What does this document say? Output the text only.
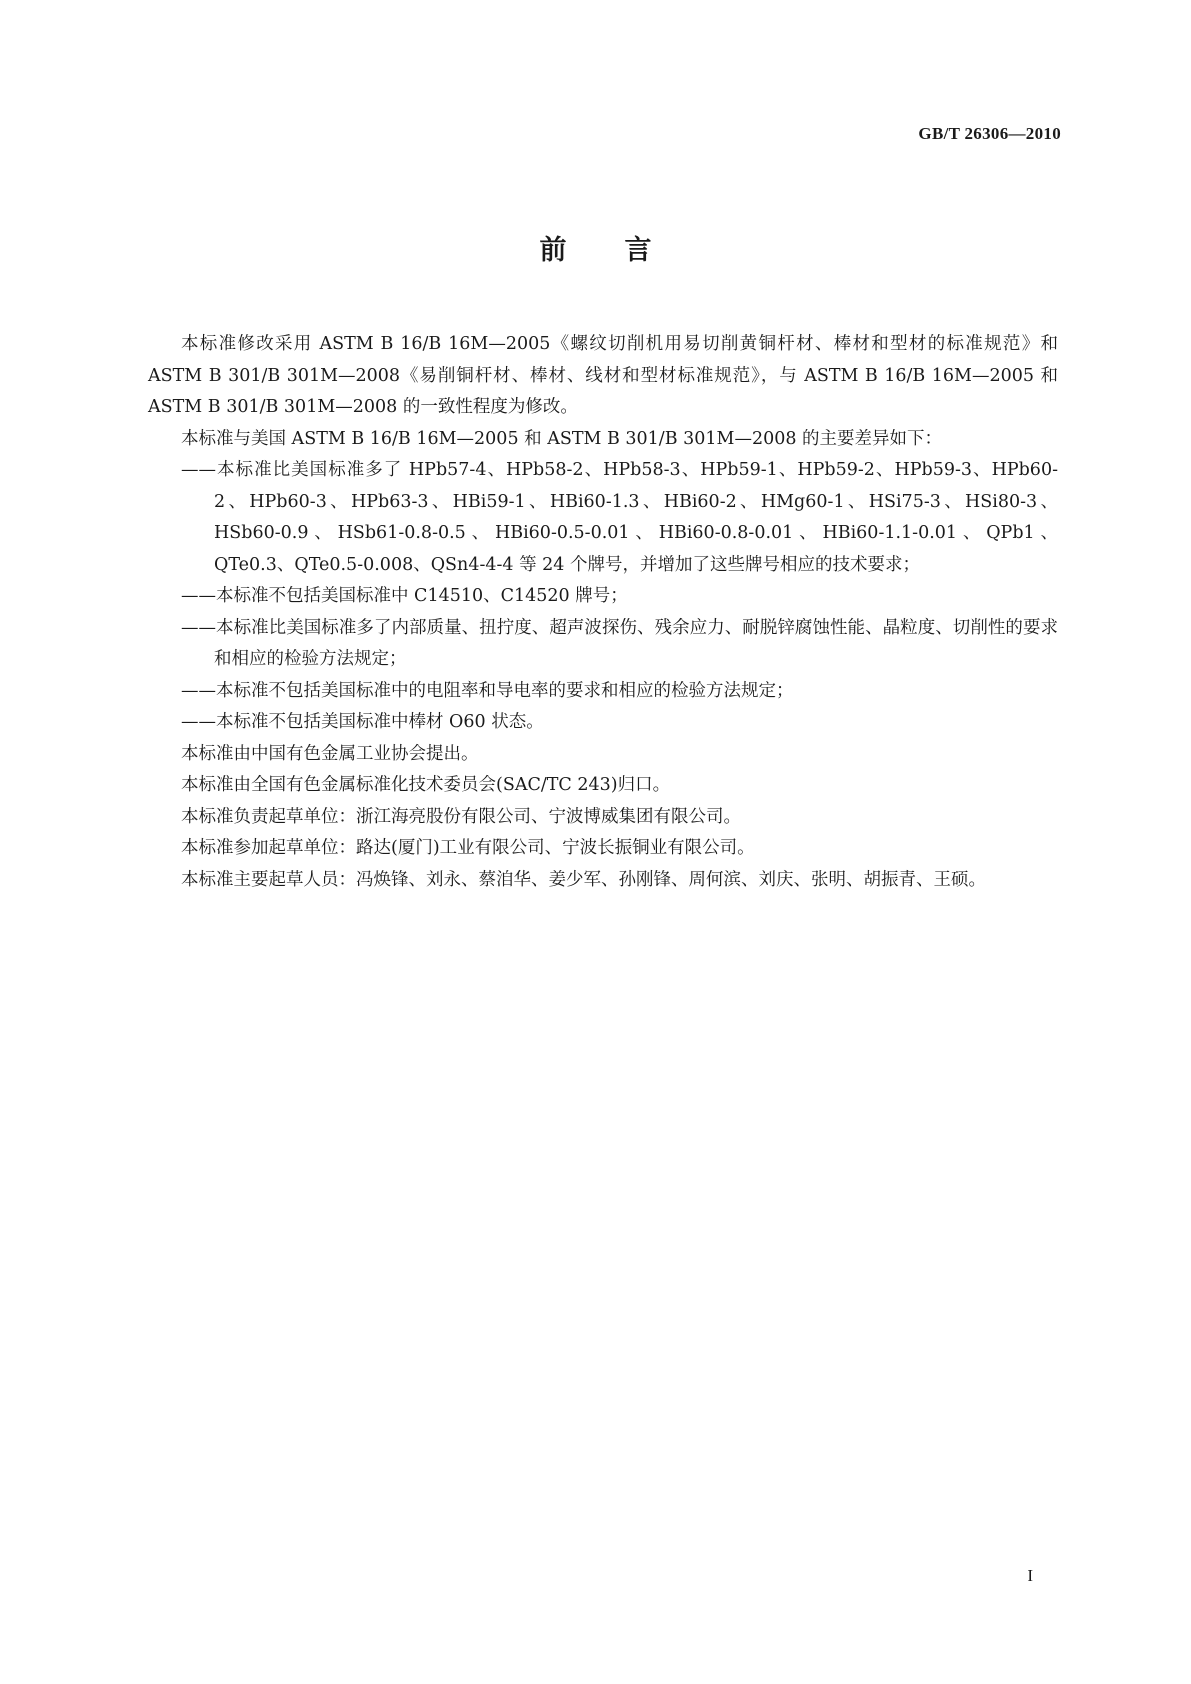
GB/T 26306—2010
前言

本标准修改采用 ASTM B 16/B 16M—2005《螺纹切削机用易切削黄铜杆材、棒材和型材的标准规范》和 ASTM B 301/B 301M—2008《易削铜杆材、棒材、线材和型材标准规范》，与 ASTM B 16/B 16M—2005 和 ASTM B 301/B 301M—2008 的一致性程度为修改。

本标准与美国 ASTM B 16/B 16M—2005 和 ASTM B 301/B 301M—2008 的主要差异如下：

——本标准比美国标准多了 HPb57-4、HPb58-2、HPb58-3、HPb59-1、HPb59-2、HPb59-3、HPb60-2、HPb60-3、HPb63-3、HBi59-1、HBi60-1.3、HBi60-2、HMg60-1、HSi75-3、HSi80-3、HSb60-0.9、HSb61-0.8-0.5、HBi60-0.5-0.01、HBi60-0.8-0.01、HBi60-1.1-0.01、QPb1、QTe0.3、QTe0.5-0.008、QSn4-4-4 等 24 个牌号，并增加了这些牌号相应的技术要求；

——本标准不包括美国标准中 C14510、C14520 牌号；

——本标准比美国标准多了内部质量、扭拧度、超声波探伤、残余应力、耐脱锌腐蚀性能、晶粒度、切削性的要求和相应的检验方法规定；

——本标准不包括美国标准中的电阻率和导电率的要求和相应的检验方法规定；

——本标准不包括美国标准中棒材 O60 状态。

本标准由中国有色金属工业协会提出。

本标准由全国有色金属标准化技术委员会(SAC/TC 243)归口。

本标准负责起草单位：浙江海亮股份有限公司、宁波博威集团有限公司。

本标准参加起草单位：路达(厦门)工业有限公司、宁波长振铜业有限公司。

本标准主要起草人员：冯焕锋、刘永、蔡洎华、姜少军、孙刚锋、周何滨、刘庆、张明、胡振青、王硕。

I
